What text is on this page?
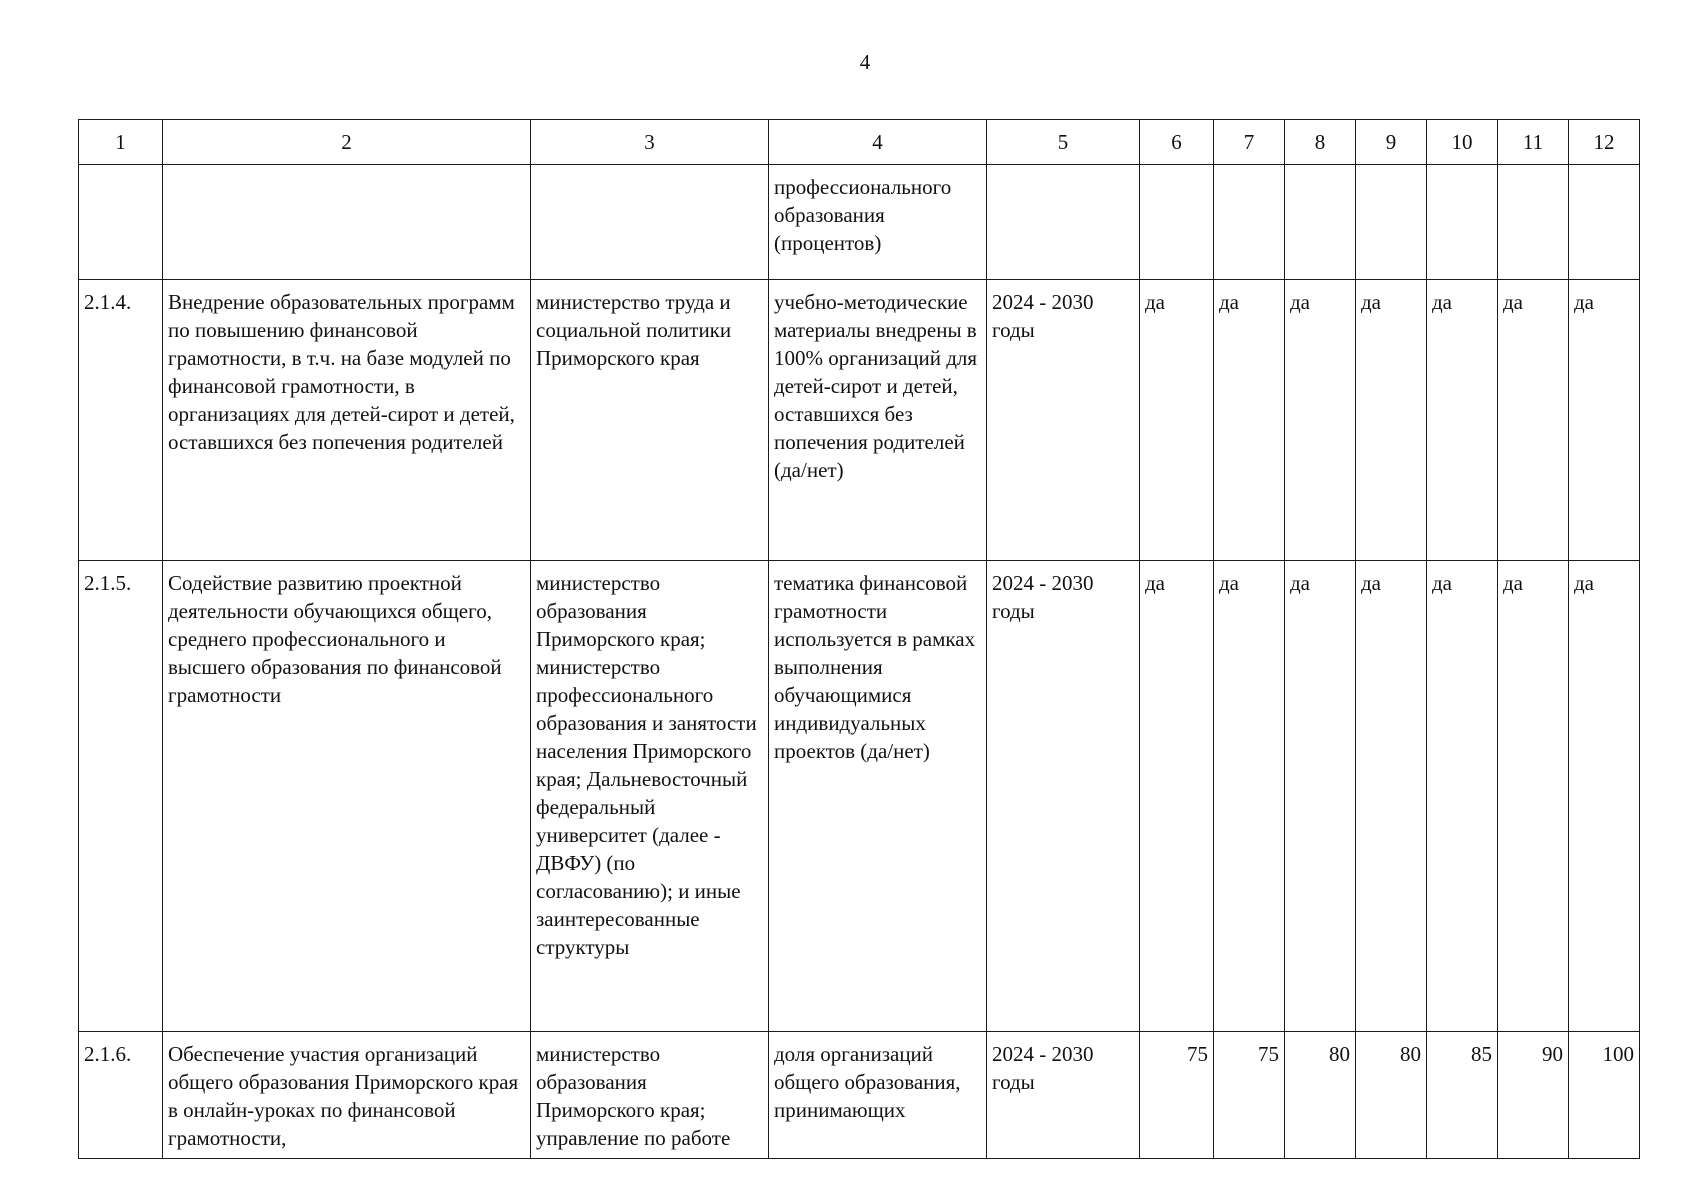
4
1	2	3	4	5	6	7	8	9	10	11	12
			профессионального образования (процентов)								
2.1.4.	Внедрение образовательных программ по повышению финансовой грамотности, в т.ч. на базе модулей по финансовой грамотности, в организациях для детей-сирот и детей, оставшихся без попечения родителей	министерство труда и социальной политики Приморского края	учебно-методические материалы внедрены в 100% организаций для детей-сирот и детей, оставшихся без попечения родителей (да/нет)	2024 - 2030 годы	да	да	да	да	да	да	да
2.1.5.	Содействие развитию проектной деятельности обучающихся общего, среднего профессионального и высшего образования по финансовой грамотности	министерство образования Приморского края; министерство профессионального образования и занятости населения Приморского края; Дальневосточный федеральный университет (далее - ДВФУ) (по согласованию); и иные заинтересованные структуры	тематика финансовой грамотности используется в рамках выполнения обучающимися индивидуальных проектов (да/нет)	2024 - 2030 годы	да	да	да	да	да	да	да
2.1.6.	Обеспечение участия организаций общего образования Приморского края в онлайн-уроках по финансовой грамотности,	министерство образования Приморского края; управление по работе	доля организаций общего образования, принимающих	2024 - 2030 годы	75	75	80	80	85	90	100
